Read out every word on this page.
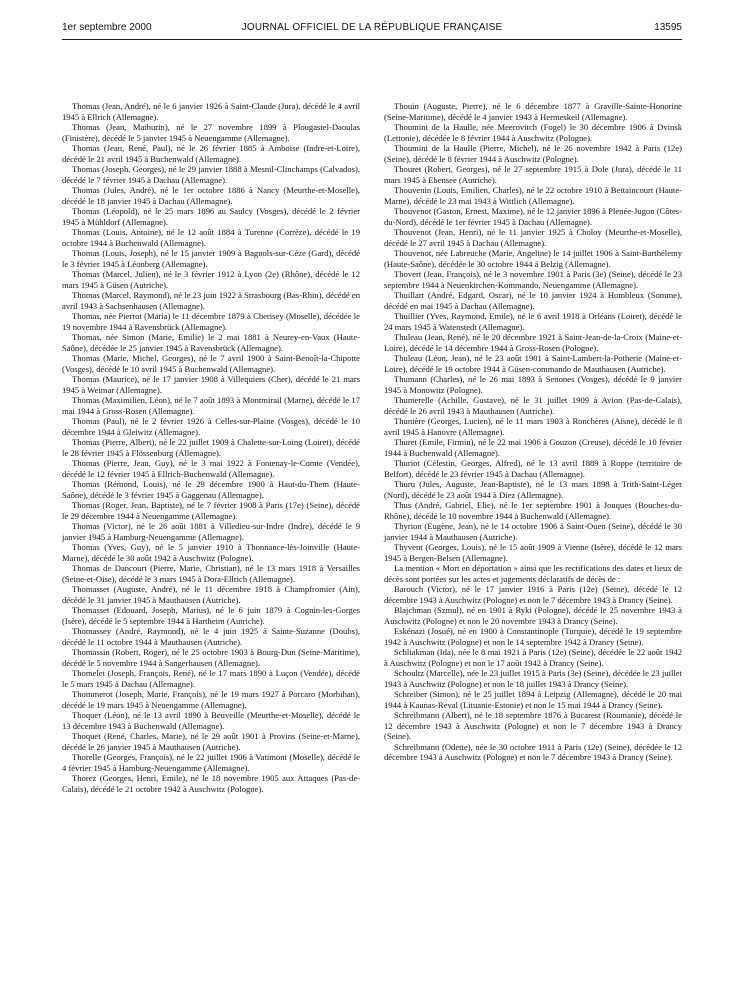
1er septembre 2000	JOURNAL OFFICIEL DE LA RÉPUBLIQUE FRANÇAISE	13595

Thomas (Jean, André), né le 6 janvier 1926 à Saint-Claude (Jura), décédé le 4 avril 1945 à Ellrich (Allemagne).

Thomas (Jean, Mathurin), né le 27 novembre 1899 à Plougastel-Daoulas (Finistère), décédé le 5 janvier 1945 à Neuengamme (Allemagne).

Thomas (Jean, René, Paul), né le 26 février 1885 à Amboise (Indre-et-Loire), décédé le 21 avril 1945 à Buchenwald (Allemagne).

Thomas (Joseph, Georges), né le 29 janvier 1888 à Mesnil-Clinchamps (Calvados), décédé le 7 février 1945 à Dachau (Allemagne).

Thomas (Jules, André), né le 1er octobre 1886 à Nancy (Meurthe-et-Moselle), décédé le 18 janvier 1945 à Dachau (Allemagne).

Thomas (Léopold), né le 25 mars 1896 au Saulcy (Vosges), décédé le 2 février 1945 à Mühldorf (Allemagne).

Thomas (Louis, Antoine), né le 12 août 1884 à Turenne (Corrèze), décédé le 19 octobre 1944 à Buchenwald (Allemagne).

Thomas (Louis, Joseph), né le 15 janvier 1909 à Bagnols-sur-Cèze (Gard), décédé le 3 février 1945 à Léonberg (Allemagne).

Thomas (Marcel, Julien), né le 3 février 1912 à Lyon (2e) (Rhône), décédé le 12 mars 1945 à Güsen (Autriche).

Thomas (Marcel, Raymond), né le 23 juin 1922 à Strasbourg (Bas-Rhin), décédé en avril 1943 à Sachsenhausen (Allemagne).

Thomas, née Pierrot (Maria) le 11 décembre 1879 à Cherisey (Moselle), décédée le 19 novembre 1944 à Ravensbrück (Allemagne).

Thomas, née Simon (Marie, Emilie) le 2 mai 1881 à Neurey-en-Vaux (Haute-Saône), décédée le 25 janvier 1945 à Ravensbrück (Allemagne).

Thomas (Marie, Michel, Georges), né le 7 avril 1900 à Saint-Benoît-la-Chipotte (Vosges), décédé le 10 avril 1945 à Buchenwald (Allemagne).

Thomas (Maurice), né le 17 janvier 1908 à Villequiers (Cher), décédé le 21 mars 1945 à Weimar (Allemagne).

Thomas (Maximilien, Léon), né le 7 août 1893 à Montmirail (Marne), décédé le 17 mai 1944 à Gross-Rosen (Allemagne).

Thomas (Paul), né le 2 février 1926 à Celles-sur-Plaine (Vosges), décédé le 10 décembre 1944 à Gleiwitz (Allemagne).

Thomas (Pierre, Albert), né le 22 juillet 1909 à Chalette-sur-Loing (Loiret), décédé le 28 février 1945 à Flössenburg (Allemagne).

Thomas (Pierre, Jean, Guy), né le 3 mai 1922 à Fontenay-le-Comte (Vendée), décédé le 12 février 1945 à Ellrich-Buchenwald (Allemagne).

Thomas (Rémond, Louis), né le 29 décembre 1900 à Haut-du-Them (Haute-Saône), décédé le 3 février 1945 à Gaggenau (Allemagne).

Thomas (Roger, Jean, Baptiste), né le 7 février 1908 à Paris (17e) (Seine), décédé le 29 décembre 1944 à Neuengamme (Allemagne).

Thomas (Victor), né le 26 août 1881 à Villedieu-sur-Indre (Indre), décédé le 9 janvier 1945 à Hamburg-Neuengamme (Allemagne).

Thomas (Yves, Guy), né le 5 janvier 1910 à Thonnance-lès-Joinville (Haute-Marne), décédé le 30 août 1942 à Auschwitz (Pologne).

Thomas de Dancourt (Pierre, Marie, Christian), né le 13 mars 1918 à Versailles (Seine-et-Oise), décédé le 3 mars 1945 à Dora-Ellrich (Allemagne).

Thomasset (Auguste, André), né le 11 décembre 1918 à Champfromier (Ain), décédé le 31 janvier 1945 à Mauthausen (Autriche).

Thomasset (Edouard, Joseph, Marius), né le 6 juin 1879 à Cognin-les-Gorges (Isère), décédé le 5 septembre 1944 à Hartheim (Autriche).

Thomassey (André, Raymond), né le 4 juin 1925 à Sainte-Suzanne (Doubs), décédé le 11 octobre 1944 à Mauthausen (Autriche).

Thomassin (Robert, Roger), né le 25 octobre 1903 à Bourg-Dun (Seine-Maritime), décédé le 5 novembre 1944 à Sangerhausen (Allemagne).

Thomelet (Joseph, François, René), né le 17 mars 1890 à Luçon (Vendée), décédé le 5 mars 1945 à Dachau (Allemagne).

Thommerot (Joseph, Marie, François), né le 19 mars 1927 à Porcaro (Morbihan), décédé le 19 mars 1945 à Neuengamme (Allemagne).

Thoquer (Léon), né le 13 avril 1890 à Beuveille (Meurthe-et-Moselle), décédé le 13 décembre 1943 à Buchenwald (Allemagne).

Thoquet (René, Charles, Marie), né le 29 août 1901 à Provins (Seine-et-Marne), décédé le 26 janvier 1945 à Mauthausen (Autriche).

Thorelle (Georges, François), né le 22 juillet 1906 à Vatimont (Moselle), décédé le 4 février 1945 à Hamburg-Neuengamme (Allemagne).

Thorez (Georges, Henri, Emile), né le 18 novembre 1905 aux Attaques (Pas-de-Calais), décédé le 21 octobre 1942 à Auschwitz (Pologne).

Thouin (Auguste, Pierre), né le 6 décembre 1877 à Graville-Sainte-Honorine (Seine-Maritime), décédé le 4 janvier 1943 à Hermeskeil (Allemagne).

Thoumini de la Haulle, née Meerovitch (Fogel) le 30 décembre 1906 à Dvinsk (Lettonie), décédée le 8 février 1944 à Auschwitz (Pologne).

Thoumini de la Haulle (Pierre, Michel), né le 26 novembre 1942 à Paris (12e) (Seine), décédé le 8 février 1944 à Auschwitz (Pologne).

Thouret (Robert, Georges), né le 27 septembre 1915 à Dole (Jura), décédé le 11 mars 1945 à Ebensee (Autriche).

Thouvenin (Louis, Emilien, Charles), né le 22 octobre 1910 à Bettaincourt (Haute-Marne), décédé le 23 mai 1943 à Wittlich (Allemagne).

Thouvenot (Gaston, Ernest, Maxime), né le 12 janvier 1896 à Plenée-Jugon (Côtes-du-Nord), décédé le 1er février 1945 à Dachau (Allemagne).

Thouvenot (Jean, Henri), né le 11 janvier 1925 à Choloy (Meurthe-et-Moselle), décédé le 27 avril 1945 à Dachau (Allemagne).

Thouvenot, née Labreuche (Marie, Angeline) le 14 juillet 1906 à Saint-Barthélemy (Haute-Saône), décédée le 30 octobre 1944 à Belzig (Allemagne).

Thovert (Jean, François), né le 3 novembre 1901 à Paris (3e) (Seine), décédé le 23 septembre 1944 à Neuenkirchen-Kommando, Neuengamme (Allemagne).

Thuillart (André, Edgard, Oscar), né le 10 janvier 1924 à Hombleux (Somme), décédé en mai 1945 à Dachau (Allemagne).

Thuillier (Yves, Raymond, Emile), né le 6 avril 1918 à Orléans (Loiret), décédé le 24 mars 1945 à Watenstedt (Allemagne).

Thuleau (Jean, René), né le 20 décembre 1921 à Saint-Jean-de-la-Croix (Maine-et-Loire), décédé le 14 décembre 1944 à Gross-Rosen (Pologne).

Thuleau (Léon, Jean), né le 23 août 1901 à Saint-Lambert-la-Potherie (Maine-et-Loire), décédé le 19 octobre 1944 à Güsen-commando de Mauthausen (Autriche).

Thumann (Charles), né le 26 mai 1893 à Senones (Vosges), décédé le 9 janvier 1945 à Monowitz (Pologne).

Thumerelle (Achille, Gustave), né le 31 juillet 1909 à Avion (Pas-de-Calais), décédé le 26 avril 1943 à Mauthausen (Autriche).

Thunière (Georges, Lucien), né le 11 mars 1903 à Ronchères (Aisne), décédé le 8 avril 1945 à Hanovre (Allemagne).

Thuret (Emile, Firmin), né le 22 mai 1906 à Gouzon (Creuse), décédé le 10 février 1944 à Buchenwald (Allemagne).

Thuriot (Célestin, Georges, Alfred), né le 13 avril 1889 à Roppe (territoire de Belfort), décédé le 23 février 1945 à Dachau (Allemagne).

Thuru (Jules, Auguste, Jean-Baptiste), né le 13 mars 1898 à Trith-Saint-Léger (Nord), décédé le 23 août 1944 à Diez (Allemagne).

Thus (André, Gabriel, Elie), né le 1er septembre 1901 à Jouques (Bouches-du-Rhône), décédé le 10 novembre 1944 à Buchenwald (Allemagne).

Thyrion (Eugène, Jean), né le 14 octobre 1906 à Saint-Ouen (Seine), décédé le 30 janvier 1944 à Mauthausen (Autriche).

Thyvent (Georges, Louis), né le 15 août 1909 à Vienne (Isère), décédé le 12 mars 1945 à Bergen-Belsen (Allemagne).

La mention « Mort en déportation » ainsi que les rectifications des dates et lieux de décès sont portées sur les actes et jugements déclaratifs de décès de :

Barouch (Victor), né le 17 janvier 1916 à Paris (12e) (Seine), décédé le 12 décembre 1943 à Auschwitz (Pologne) et non le 7 décembre 1943 à Drancy (Seine).

Blajchman (Szmul), né en 1901 à Ryki (Pologne), décédé le 25 novembre 1943 à Auschwitz (Pologne) et non le 20 novembre 1943 à Drancy (Seine).

Eskénazi (Josué), né en 1900 à Constantinople (Turquie), décédé le 19 septembre 1942 à Auschwitz (Pologne) et non le 14 septembre 1942 à Drancy (Seine).

Schliakman (Ida), née le 8 mai 1921 à Paris (12e) (Seine), décédée le 22 août 1942 à Auschwitz (Pologne) et non le 17 août 1942 à Drancy (Seine).

Schoultz (Marcelle), née le 23 juillet 1915 à Paris (3e) (Seine), décédée le 23 juillet 1943 à Auschwitz (Pologne) et non le 18 juillet 1943 à Drancy (Seine).

Schreiber (Simon), né le 25 juillet 1894 à Leipzig (Allemagne), décédé le 20 mai 1944 à Kaunas-Reval (Lituanie-Estonie) et non le 15 mai 1944 à Drancy (Seine).

Schreibmann (Albert), né le 18 septembre 1876 à Bucarest (Roumanie), décédé le 12 décembre 1943 à Auschwitz (Pologne) et non le 7 décembre 1943 à Drancy (Seine).

Schreibmann (Odette), née le 30 octobre 1911 à Paris (12e) (Seine), décédée le 12 décembre 1943 à Auschwitz (Pologne) et non le 7 décembre 1943 à Drancy (Seine).
